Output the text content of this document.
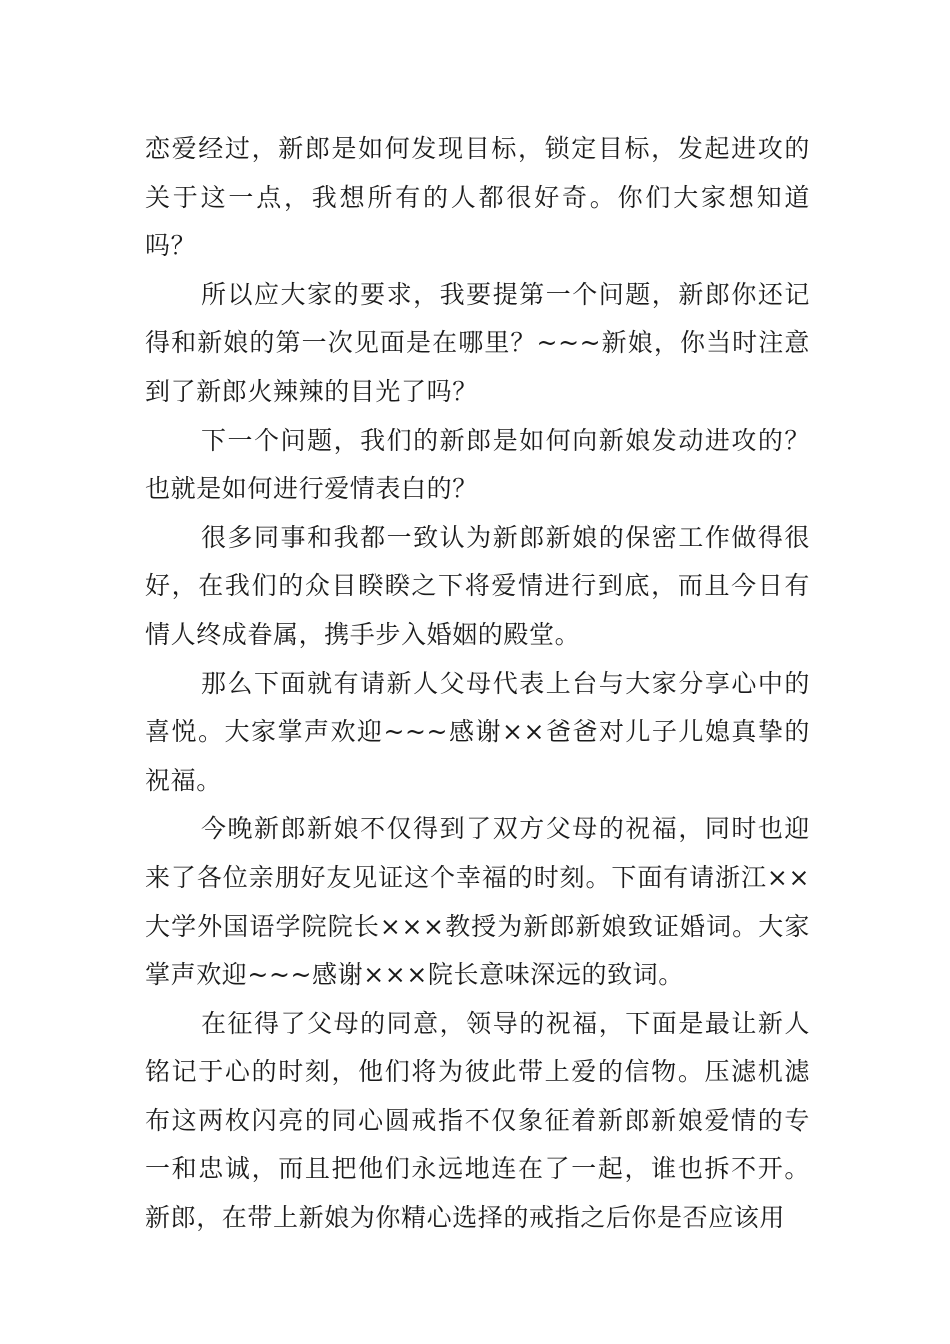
恋爱经过，新郎是如何发现目标，锁定目标，发起进攻的关于这一点，我想所有的人都很好奇。你们大家想知道吗？

所以应大家的要求，我要提第一个问题，新郎你还记得和新娘的第一次见面是在哪里？~~~新娘，你当时注意到了新郎火辣辣的目光了吗？

下一个问题，我们的新郎是如何向新娘发动进攻的？也就是如何进行爱情表白的？

很多同事和我都一致认为新郎新娘的保密工作做得很好，在我们的众目睽睽之下将爱情进行到底，而且今日有情人终成眷属，携手步入婚姻的殿堂。

那么下面就有请新人父母代表上台与大家分享心中的喜悦。大家掌声欢迎~~~感谢××爸爸对儿子儿媳真挚的祝福。

今晚新郎新娘不仅得到了双方父母的祝福，同时也迎来了各位亲朋好友见证这个幸福的时刻。下面有请浙江××大学外国语学院院长×××教授为新郎新娘致证婚词。大家掌声欢迎~~~感谢×××院长意味深远的致词。

在征得了父母的同意，领导的祝福，下面是最让新人铭记于心的时刻，他们将为彼此带上爱的信物。压滤机滤布这两枚闪亮的同心圆戒指不仅象征着新郎新娘爱情的专一和忠诚，而且把他们永远地连在了一起，谁也拆不开。新郎，在带上新娘为你精心选择的戒指之后你是否应该用
